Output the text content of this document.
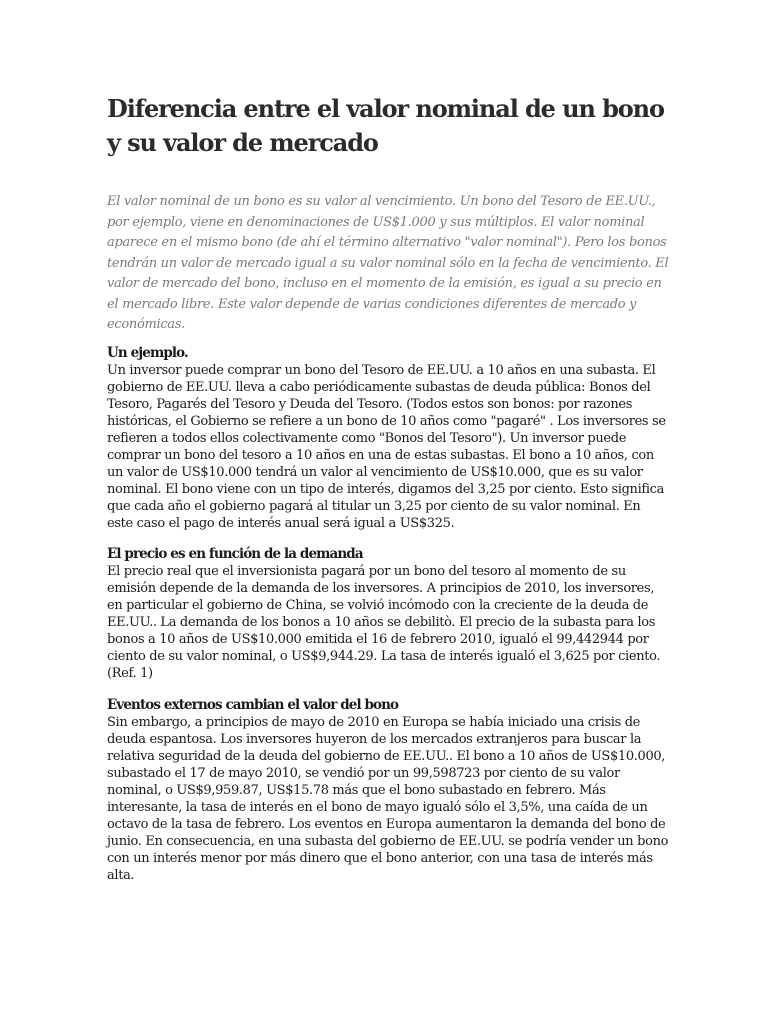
Diferencia entre el valor nominal de un bono y su valor de mercado

El valor nominal de un bono es su valor al vencimiento. Un bono del Tesoro de EE.UU., por ejemplo, viene en denominaciones de US$1.000 y sus múltiplos. El valor nominal aparece en el mismo bono (de ahí el término alternativo "valor nominal"). Pero los bonos tendrán un valor de mercado igual a su valor nominal sólo en la fecha de vencimiento. El valor de mercado del bono, incluso en el momento de la emisión, es igual a su precio en el mercado libre. Este valor depende de varias condiciones diferentes de mercado y económicas.

Un ejemplo.

Un inversor puede comprar un bono del Tesoro de EE.UU. a 10 años en una subasta. El gobierno de EE.UU. lleva a cabo periódicamente subastas de deuda pública: Bonos del Tesoro, Pagarés del Tesoro y Deuda del Tesoro. (Todos estos son bonos: por razones históricas, el Gobierno se refiere a un bono de 10 años como "pagaré" . Los inversores se refieren a todos ellos colectivamente como "Bonos del Tesoro"). Un inversor puede comprar un bono del tesoro a 10 años en una de estas subastas. El bono a 10 años, con un valor de US$10.000 tendrá un valor al vencimiento de US$10.000, que es su valor nominal. El bono viene con un tipo de interés, digamos del 3,25 por ciento. Esto significa que cada año el gobierno pagará al titular un 3,25 por ciento de su valor nominal. En este caso el pago de interés anual será igual a US$325.

El precio es en función de la demanda

El precio real que el inversionista pagará por un bono del tesoro al momento de su emisión depende de la demanda de los inversores. A principios de 2010, los inversores, en particular el gobierno de China, se volvió incómodo con la creciente de la deuda de EE.UU.. La demanda de los bonos a 10 años se debilitò. El precio de la subasta para los bonos a 10 años de US$10.000 emitida el 16 de febrero 2010, igualó el 99,442944 por ciento de su valor nominal, o US$9,944.29. La tasa de interés igualó el 3,625 por ciento. (Ref. 1)

Eventos externos cambian el valor del bono

Sin embargo, a principios de mayo de 2010 en Europa se había iniciado una crisis de deuda espantosa. Los inversores huyeron de los mercados extranjeros para buscar la relativa seguridad de la deuda del gobierno de EE.UU.. El bono a 10 años de US$10.000, subastado el 17 de mayo 2010, se vendió por un 99,598723 por ciento de su valor nominal, o US$9,959.87, US$15.78 más que el bono subastado en febrero. Más interesante, la tasa de interés en el bono de mayo igualó sólo el 3,5%, una caída de un octavo de la tasa de febrero. Los eventos en Europa aumentaron la demanda del bono de junio. En consecuencia, en una subasta del gobierno de EE.UU. se podría vender un bono con un interés menor por más dinero que el bono anterior, con una tasa de interés más alta.
